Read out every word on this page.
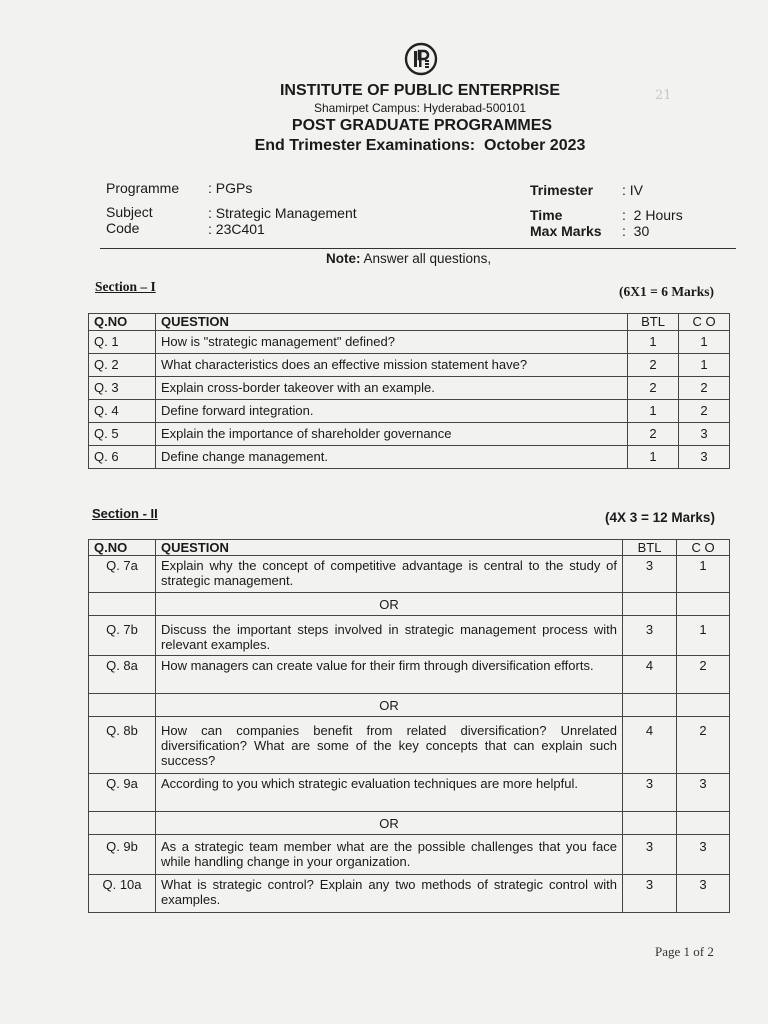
INSTITUTE OF PUBLIC ENTERPRISE
Shamirpet Campus: Hyderabad-500101
POST GRADUATE PROGRAMMES
End Trimester Examinations:  October 2023
21
Programme : PGPs
Subject	: Strategic Management
Code	: 23C401
Trimester : IV
Time	:  2 Hours
Max Marks :  30
Note: Answer all questions,
Section – I	(6X1 = 6 Marks)
Q.NO	QUESTION	BTL	C O
Q. 1	How is "strategic management" defined?	1	1
Q. 2	What characteristics does an effective mission statement have?	2	1
Q. 3	Explain cross-border takeover with an example.	2	2
Q. 4	Define forward integration.	1	2
Q. 5	Explain the importance of shareholder governance	2	3
Q. 6	Define change management.	1	3
Section - II	(4X 3 = 12 Marks)
Q.NO	QUESTION	BTL	C O
Q. 7a	Explain why the concept of competitive advantage is central to the study of strategic management.	3	1
	OR		
Q. 7b	Discuss the important steps involved in strategic management process with relevant examples.	3	1
Q. 8a	How managers can create value for their firm through diversification efforts.	4	2
	OR		
Q. 8b	How can companies benefit from related diversification? Unrelated diversification? What are some of the key concepts that can explain such success?	4	2
Q. 9a	According to you which strategic evaluation techniques are more helpful.	3	3
	OR		
Q. 9b	As a strategic team member what are the possible challenges that you face while handling change in your organization.	3	3
Q. 10a	What is strategic control? Explain any two methods of strategic control with examples.	3	3
Page 1 of 2
